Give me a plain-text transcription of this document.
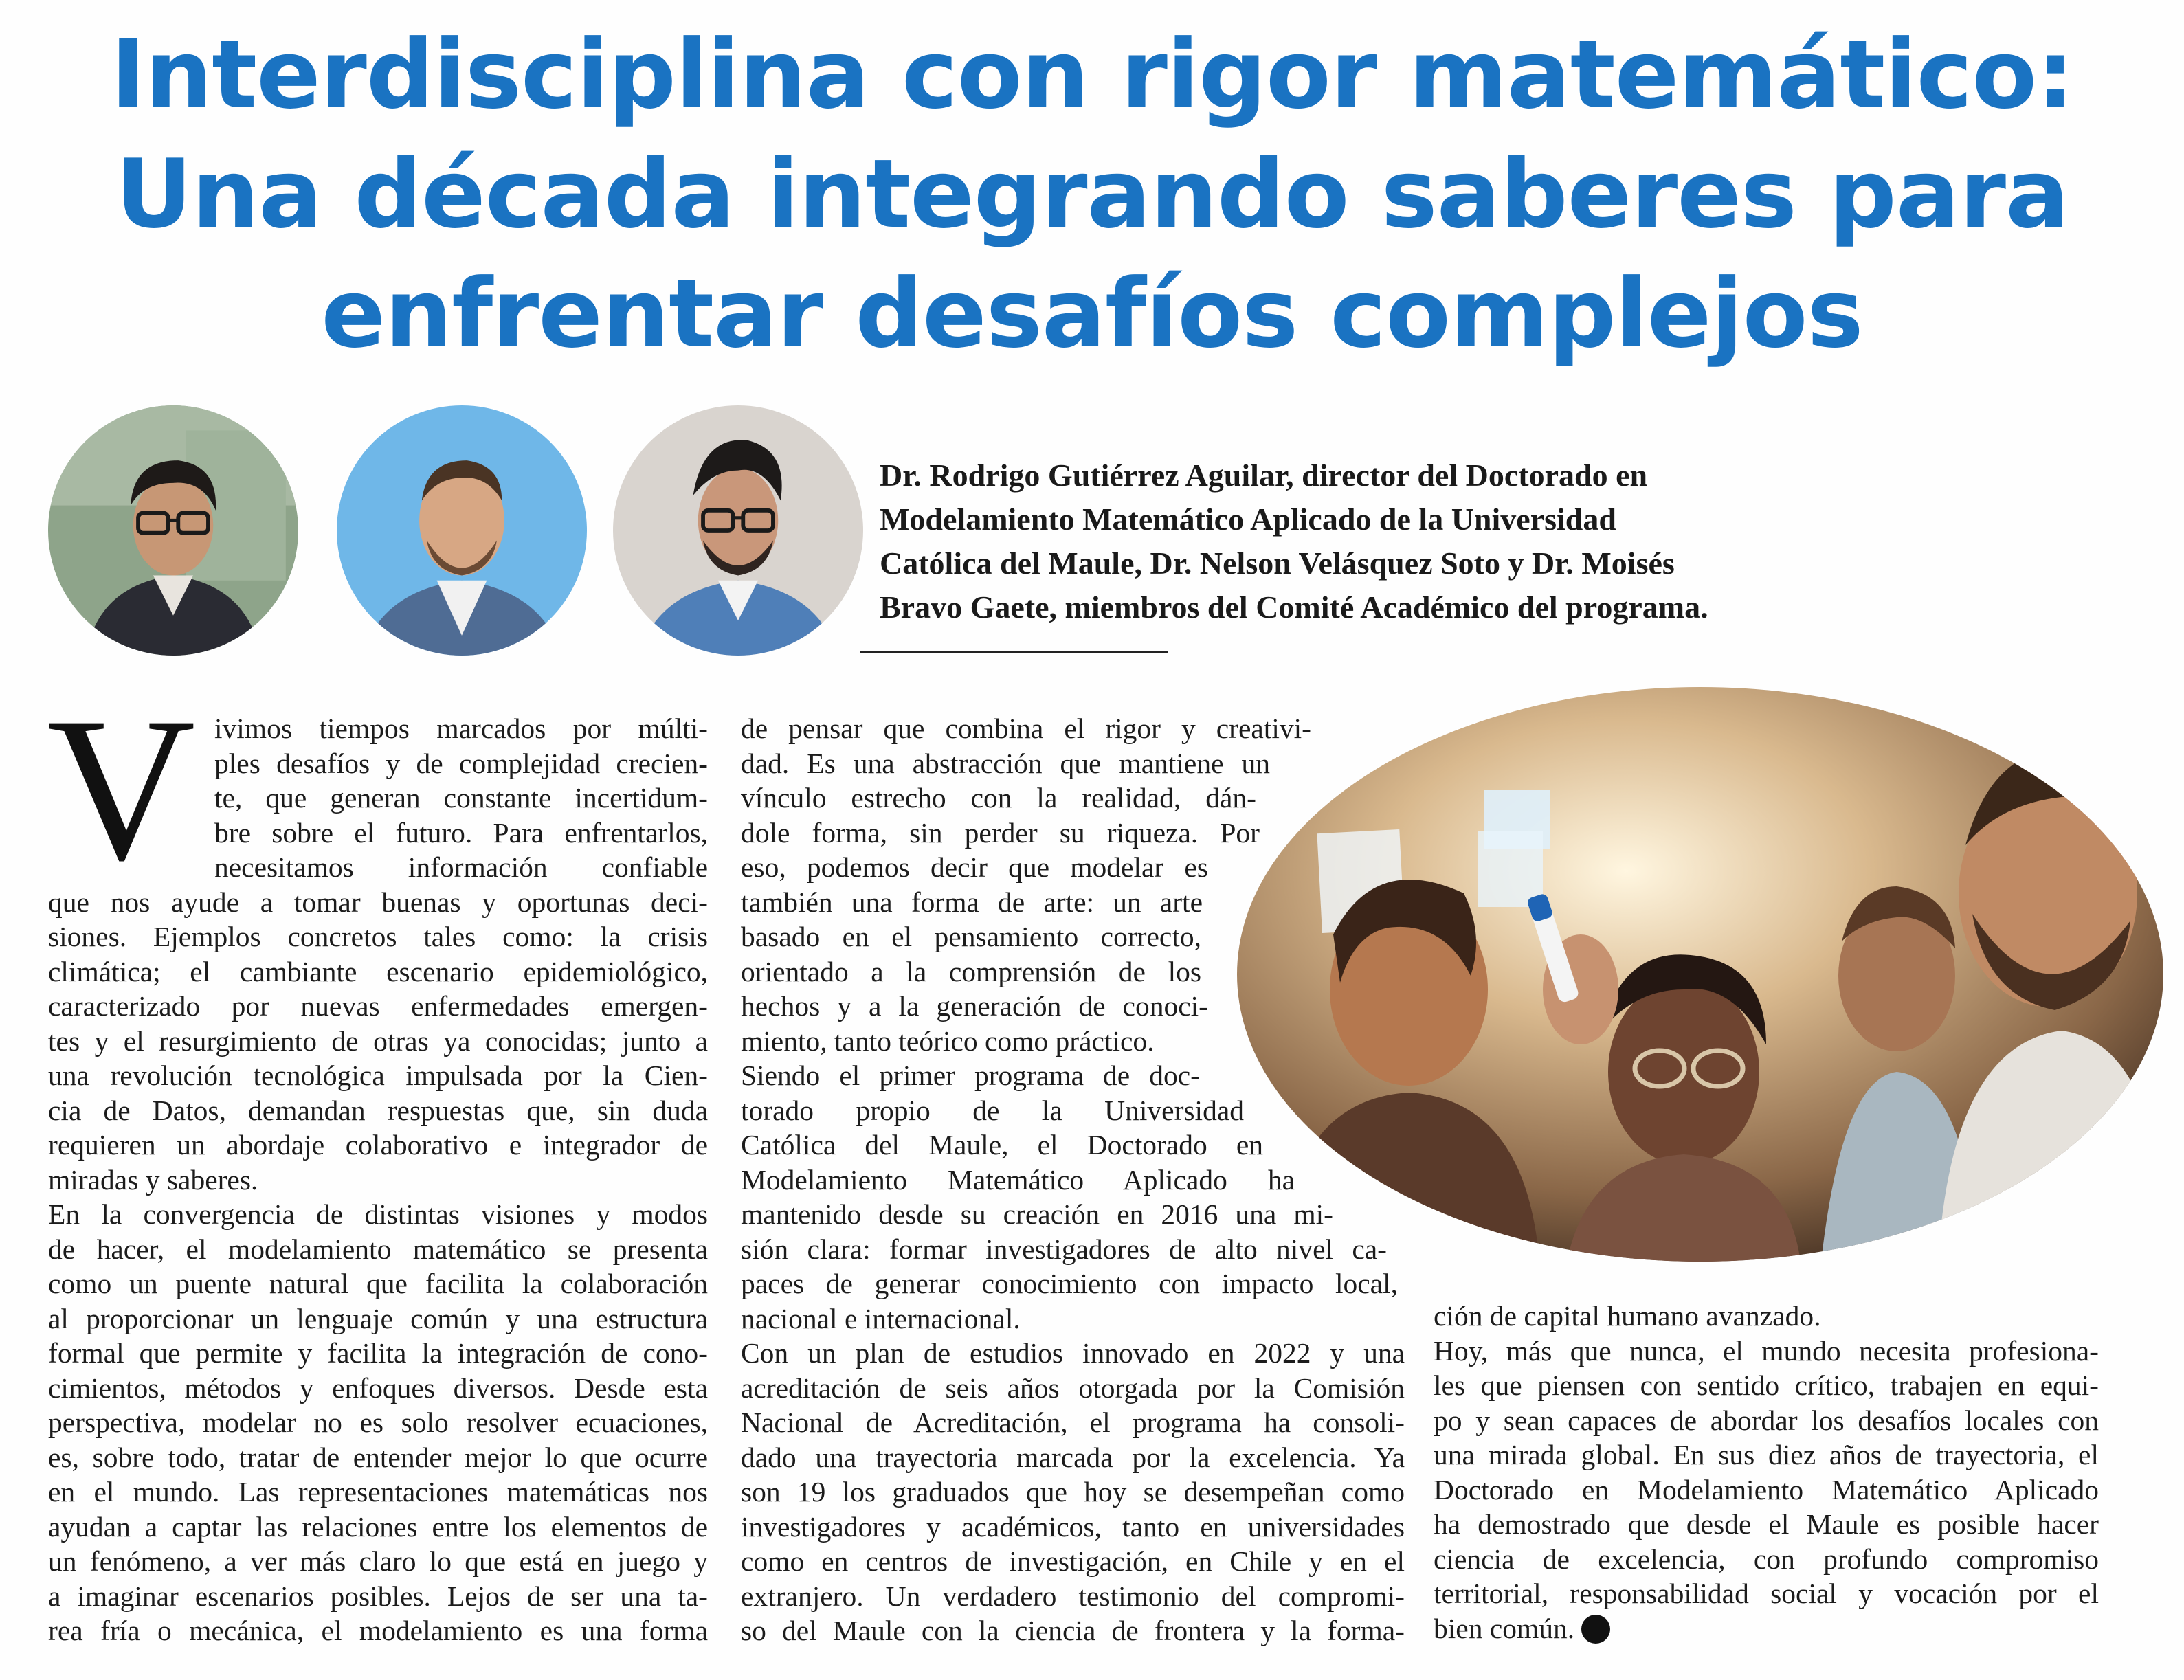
Interdisciplina con rigor matemático:
Una década integrando saberes para
enfrentar desafíos complejos
Dr. Rodrigo Gutiérrez Aguilar, director del Doctorado en
Modelamiento Matemático Aplicado de la Universidad
Católica del Maule, Dr. Nelson Velásquez Soto y Dr. Moisés
Bravo Gaete, miembros del Comité Académico del programa.
V ivimos tiempos marcados por múlti-
ples desafíos y de complejidad crecien-
te, que generan constante incertidum-
bre sobre el futuro. Para enfrentarlos,
necesitamos información confiable
que nos ayude a tomar buenas y oportunas deci-
siones. Ejemplos concretos tales como: la crisis
climática; el cambiante escenario epidemiológico,
caracterizado por nuevas enfermedades emergen-
tes y el resurgimiento de otras ya conocidas; junto a
una revolución tecnológica impulsada por la Cien-
cia de Datos, demandan respuestas que, sin duda
requieren un abordaje colaborativo e integrador de
miradas y saberes.
En la convergencia de distintas visiones y modos
de hacer, el modelamiento matemático se presenta
como un puente natural que facilita la colaboración
al proporcionar un lenguaje común y una estructura
formal que permite y facilita la integración de cono-
cimientos, métodos y enfoques diversos. Desde esta
perspectiva, modelar no es solo resolver ecuaciones,
es, sobre todo, tratar de entender mejor lo que ocurre
en el mundo. Las representaciones matemáticas nos
ayudan a captar las relaciones entre los elementos de
un fenómeno, a ver más claro lo que está en juego y
a imaginar escenarios posibles. Lejos de ser una ta-
rea fría o mecánica, el modelamiento es una forma
de pensar que combina el rigor y creativi-
dad. Es una abstracción que mantiene un
vínculo estrecho con la realidad, dán-
dole forma, sin perder su riqueza. Por
eso, podemos decir que modelar es
también una forma de arte: un arte
basado en el pensamiento correcto,
orientado a la comprensión de los
hechos y a la generación de conoci-
miento, tanto teórico como práctico.
Siendo el primer programa de doc-
torado propio de la Universidad
Católica del Maule, el Doctorado en
Modelamiento Matemático Aplicado ha
mantenido desde su creación en 2016 una mi-
sión clara: formar investigadores de alto nivel ca-
paces de generar conocimiento con impacto local,
nacional e internacional.
Con un plan de estudios innovado en 2022 y una
acreditación de seis años otorgada por la Comisión
Nacional de Acreditación, el programa ha consoli-
dado una trayectoria marcada por la excelencia. Ya
son 19 los graduados que hoy se desempeñan como
investigadores y académicos, tanto en universidades
como en centros de investigación, en Chile y en el
extranjero. Un verdadero testimonio del compromi-
so del Maule con la ciencia de frontera y la forma-
ción de capital humano avanzado.
Hoy, más que nunca, el mundo necesita profesiona-
les que piensen con sentido crítico, trabajen en equi-
po y sean capaces de abordar los desafíos locales con
una mirada global. En sus diez años de trayectoria, el
Doctorado en Modelamiento Matemático Aplicado
ha demostrado que desde el Maule es posible hacer
ciencia de excelencia, con profundo compromiso
territorial, responsabilidad social y vocación por el
bien común.
